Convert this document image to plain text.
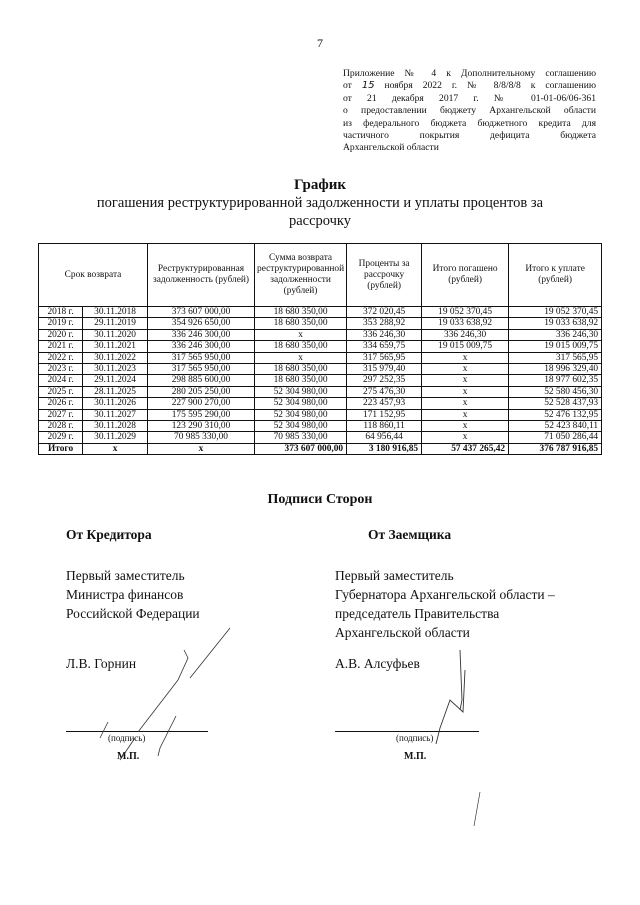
7
Приложение № 4 к Дополнительному соглашению
от 15 ноября 2022 г. № 8/8/8/8 к соглашению
от 21 декабря 2017 г. № 01-01-06/06-361
о предоставлении бюджету Архангельской области
из федерального бюджета бюджетного кредита для
частичного покрытия дефицита бюджета
Архангельской области
График
погашения реструктурированной задолженности и уплаты процентов за рассрочку
Срок возврата		Реструктурированная задолженность (рублей)	Сумма возврата реструктурированной задолженности (рублей)	Проценты за рассрочку (рублей)	Итого погашено (рублей)	Итого к уплате (рублей)
2018 г.	30.11.2018	373 607 000,00	18 680 350,00	372 020,45	19 052 370,45	19 052 370,45
2019 г.	29.11.2019	354 926 650,00	18 680 350,00	353 288,92	19 033 638,92	19 033 638,92
2020 г.	30.11.2020	336 246 300,00	x	336 246,30	336 246,30	336 246,30
2021 г.	30.11.2021	336 246 300,00	18 680 350,00	334 659,75	19 015 009,75	19 015 009,75
2022 г.	30.11.2022	317 565 950,00	x	317 565,95	x	317 565,95
2023 г.	30.11.2023	317 565 950,00	18 680 350,00	315 979,40	x	18 996 329,40
2024 г.	29.11.2024	298 885 600,00	18 680 350,00	297 252,35	x	18 977 602,35
2025 г.	28.11.2025	280 205 250,00	52 304 980,00	275 476,30	x	52 580 456,30
2026 г.	30.11.2026	227 900 270,00	52 304 980,00	223 457,93	x	52 528 437,93
2027 г.	30.11.2027	175 595 290,00	52 304 980,00	171 152,95	x	52 476 132,95
2028 г.	30.11.2028	123 290 310,00	52 304 980,00	118 860,11	x	52 423 840,11
2029 г.	30.11.2029	70 985 330,00	70 985 330,00	64 956,44	x	71 050 286,44
Итого	x	x	373 607 000,00	3 180 916,85	57 437 265,42	376 787 916,85
Подписи Сторон
От Кредитора
Первый заместитель
Министра финансов
Российской Федерации
Л.В. Горнин
(подпись)
М.П.
От Заемщика
Первый заместитель
Губернатора Архангельской области –
председатель Правительства
Архангельской области
А.В. Алсуфьев
(подпись)
М.П.
